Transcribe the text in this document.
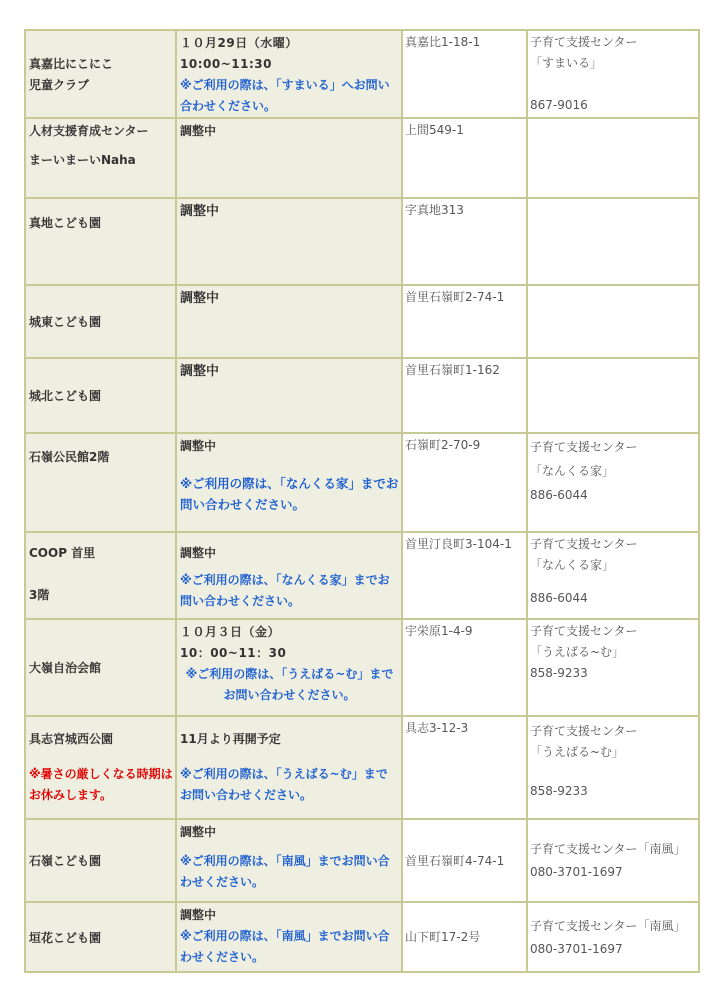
真嘉比にこにこ
児童クラブ	１０月29日（水曜）
10:00~11:30
※ご利用の際は、「すまいる」へお問い合わせください。	真嘉比1-18-1	子育て支援センター
「すまいる」
867-9016

人材支援育成センター
まーいまーいNaha	調整中	上間549-1	

真地こども園	調整中	字真地313	

城東こども園	調整中	首里石嶺町2-74-1	

城北こども園	調整中	首里石嶺町1-162	

石嶺公民館2階	調整中
※ご利用の際は、「なんくる家」までお問い合わせください。	石嶺町2-70-9	子育て支援センター
「なんくる家」
886-6044

COOP 首里
3階	調整中
※ご利用の際は、「なんくる家」までお問い合わせください。	首里汀良町3-104-1	子育て支援センター
「なんくる家」
886-6044

大嶺自治会館	１０月３日（金）
10：00~11：30
※ご利用の際は、「うえばる~む」までお問い合わせください。	宇栄原1-4-9	子育て支援センター
「うえばる~む」
858-9233

具志宮城西公園
※暑さの厳しくなる時期はお休みします。	11月より再開予定
※ご利用の際は、「うえばる~む」までお問い合わせください。	具志3-12-3	子育て支援センター
「うえばる~む」
858-9233

石嶺こども園	調整中
※ご利用の際は、「南風」までお問い合わせください。	首里石嶺町4-74-1	子育て支援センター「南風」080-3701-1697

垣花こども園	調整中
※ご利用の際は、「南風」までお問い合わせください。	山下町17-2号	子育て支援センター「南風」080-3701-1697
